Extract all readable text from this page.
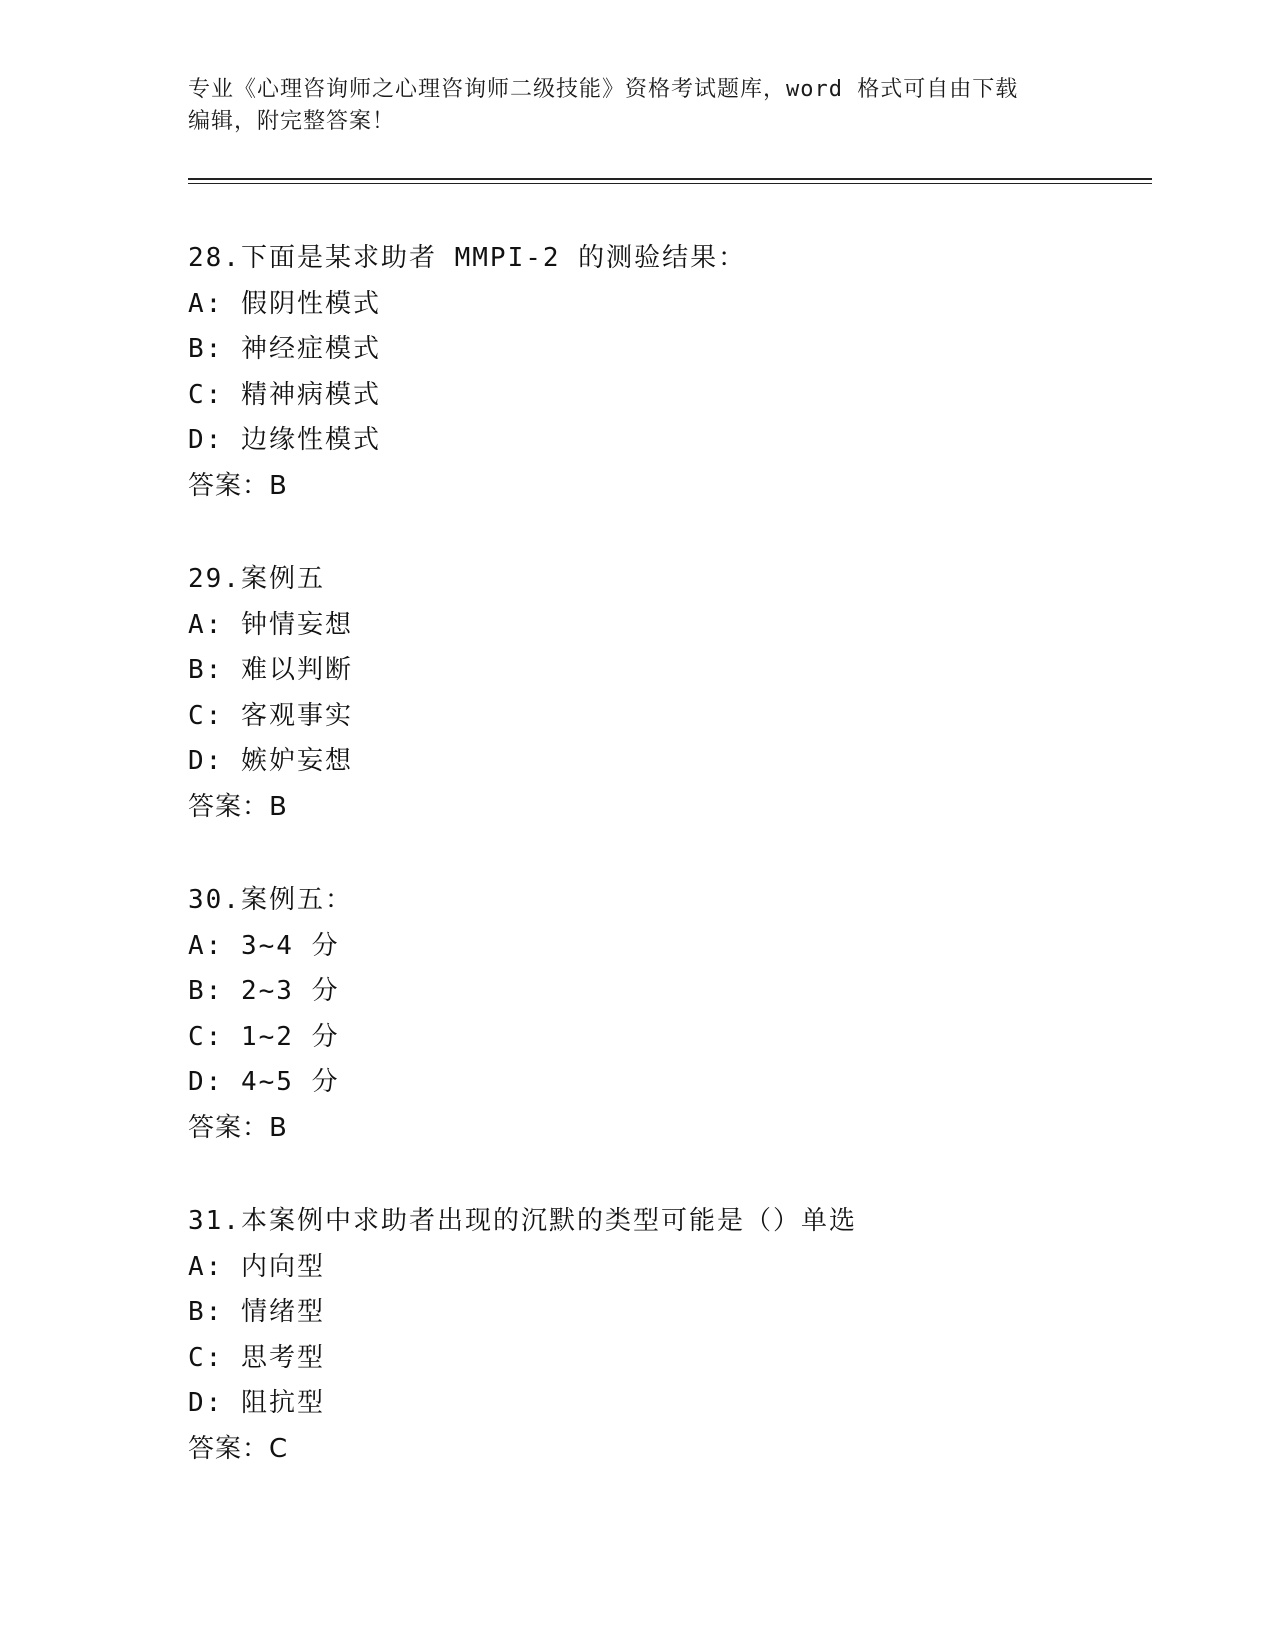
专业《心理咨询师之心理咨询师二级技能》资格考试题库，word 格式可自由下载
编辑，附完整答案！
28.下面是某求助者 MMPI-2 的测验结果：
A: 假阴性模式
B: 神经症模式
C: 精神病模式
D: 边缘性模式
答案：B
29.案例五
A: 钟情妄想
B: 难以判断
C: 客观事实
D: 嫉妒妄想
答案：B
30.案例五：
A: 3~4 分
B: 2~3 分
C: 1~2 分
D: 4~5 分
答案：B
31.本案例中求助者出现的沉默的类型可能是（）单选
A: 内向型
B: 情绪型
C: 思考型
D: 阻抗型
答案：C
